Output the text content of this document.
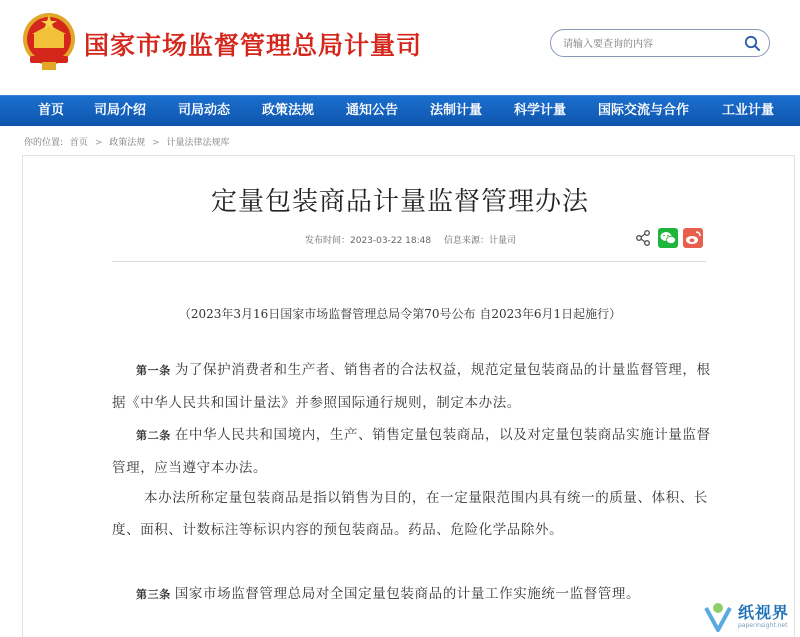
国家市场监督管理总局计量司
请输入要查询的内容
首页 司局介绍 司局动态 政策法规 通知公告 法制计量 科学计量 国际交流与合作	工业计量
你的位置: 首页 > 政策法规 > 计量法律法规库
定量包装商品计量监督管理办法
发布时间：2023-03-22 18:48 信息来源：计量司
（2023年3月16日国家市场监督管理总局令第70号公布 自2023年6月1日起施行）
第一条 为了保护消费者和生产者、销售者的合法权益，规范定量包装商品的计量监督管理，根据《中华人民共和国计量法》并参照国际通行规则，制定本办法。
第二条 在中华人民共和国境内，生产、销售定量包装商品，以及对定量包装商品实施计量监督管理，应当遵守本办法。
本办法所称定量包装商品是指以销售为目的，在一定量限范围内具有统一的质量、体积、长度、面积、计数标注等标识内容的预包装商品。药品、危险化学品除外。
第三条 国家市场监督管理总局对全国定量包装商品的计量工作实施统一监督管理。
纸视界
paperinsight.net
